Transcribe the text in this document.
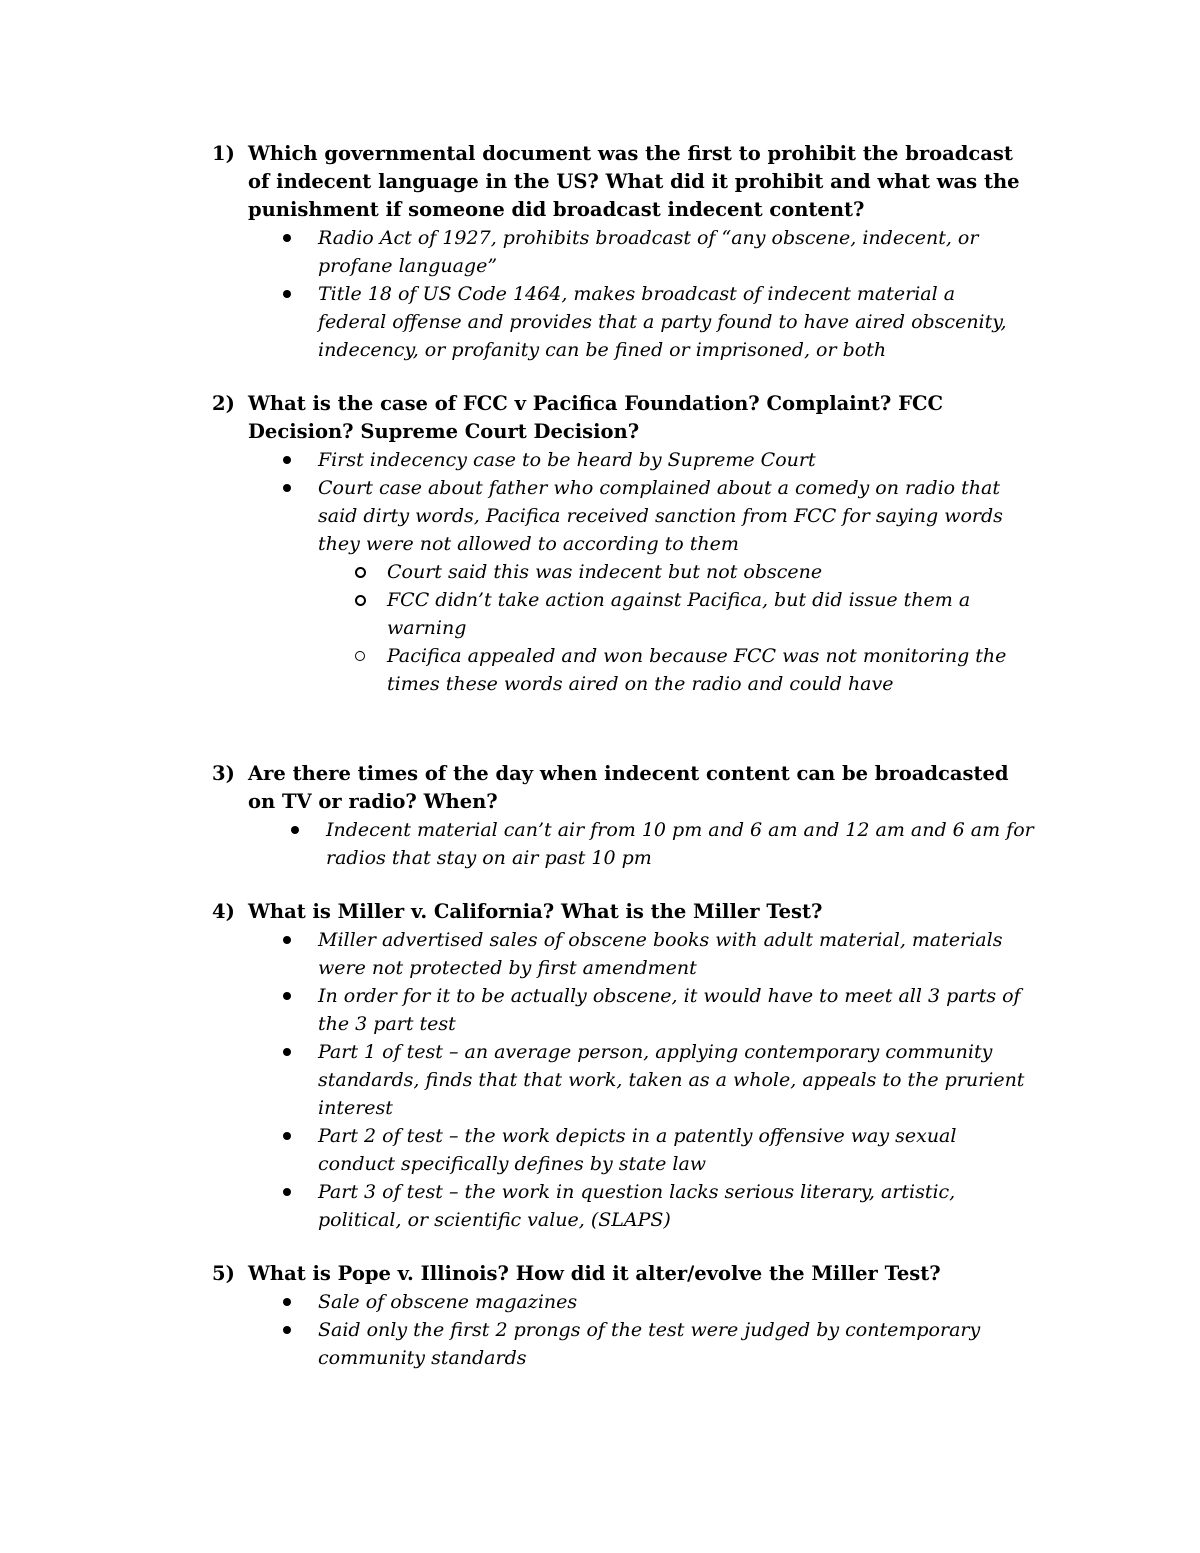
1) Which governmental document was the first to prohibit the broadcast of indecent language in the US? What did it prohibit and what was the punishment if someone did broadcast indecent content?
Radio Act of 1927, prohibits broadcast of “any obscene, indecent, or profane language”
Title 18 of US Code 1464, makes broadcast of indecent material a federal offense and provides that a party found to have aired obscenity, indecency, or profanity can be fined or imprisoned, or both
2) What is the case of FCC v Pacifica Foundation? Complaint? FCC Decision? Supreme Court Decision?
First indecency case to be heard by Supreme Court
Court case about father who complained about a comedy on radio that said dirty words, Pacifica received sanction from FCC for saying words they were not allowed to according to them
Court said this was indecent but not obscene
FCC didn’t take action against Pacifica, but did issue them a warning
Pacifica appealed and won because FCC was not monitoring the times these words aired on the radio and could have
3) Are there times of the day when indecent content can be broadcasted on TV or radio? When?
Indecent material can’t air from 10 pm and 6 am and 12 am and 6 am for radios that stay on air past 10 pm
4) What is Miller v. California? What is the Miller Test?
Miller advertised sales of obscene books with adult material, materials were not protected by first amendment
In order for it to be actually obscene, it would have to meet all 3 parts of the 3 part test
Part 1 of test – an average person, applying contemporary community standards, finds that that work, taken as a whole, appeals to the prurient interest
Part 2 of test – the work depicts in a patently offensive way sexual conduct specifically defines by state law
Part 3 of test – the work in question lacks serious literary, artistic, political, or scientific value, (SLAPS)
5) What is Pope v. Illinois? How did it alter/evolve the Miller Test?
Sale of obscene magazines
Said only the first 2 prongs of the test were judged by contemporary community standards
